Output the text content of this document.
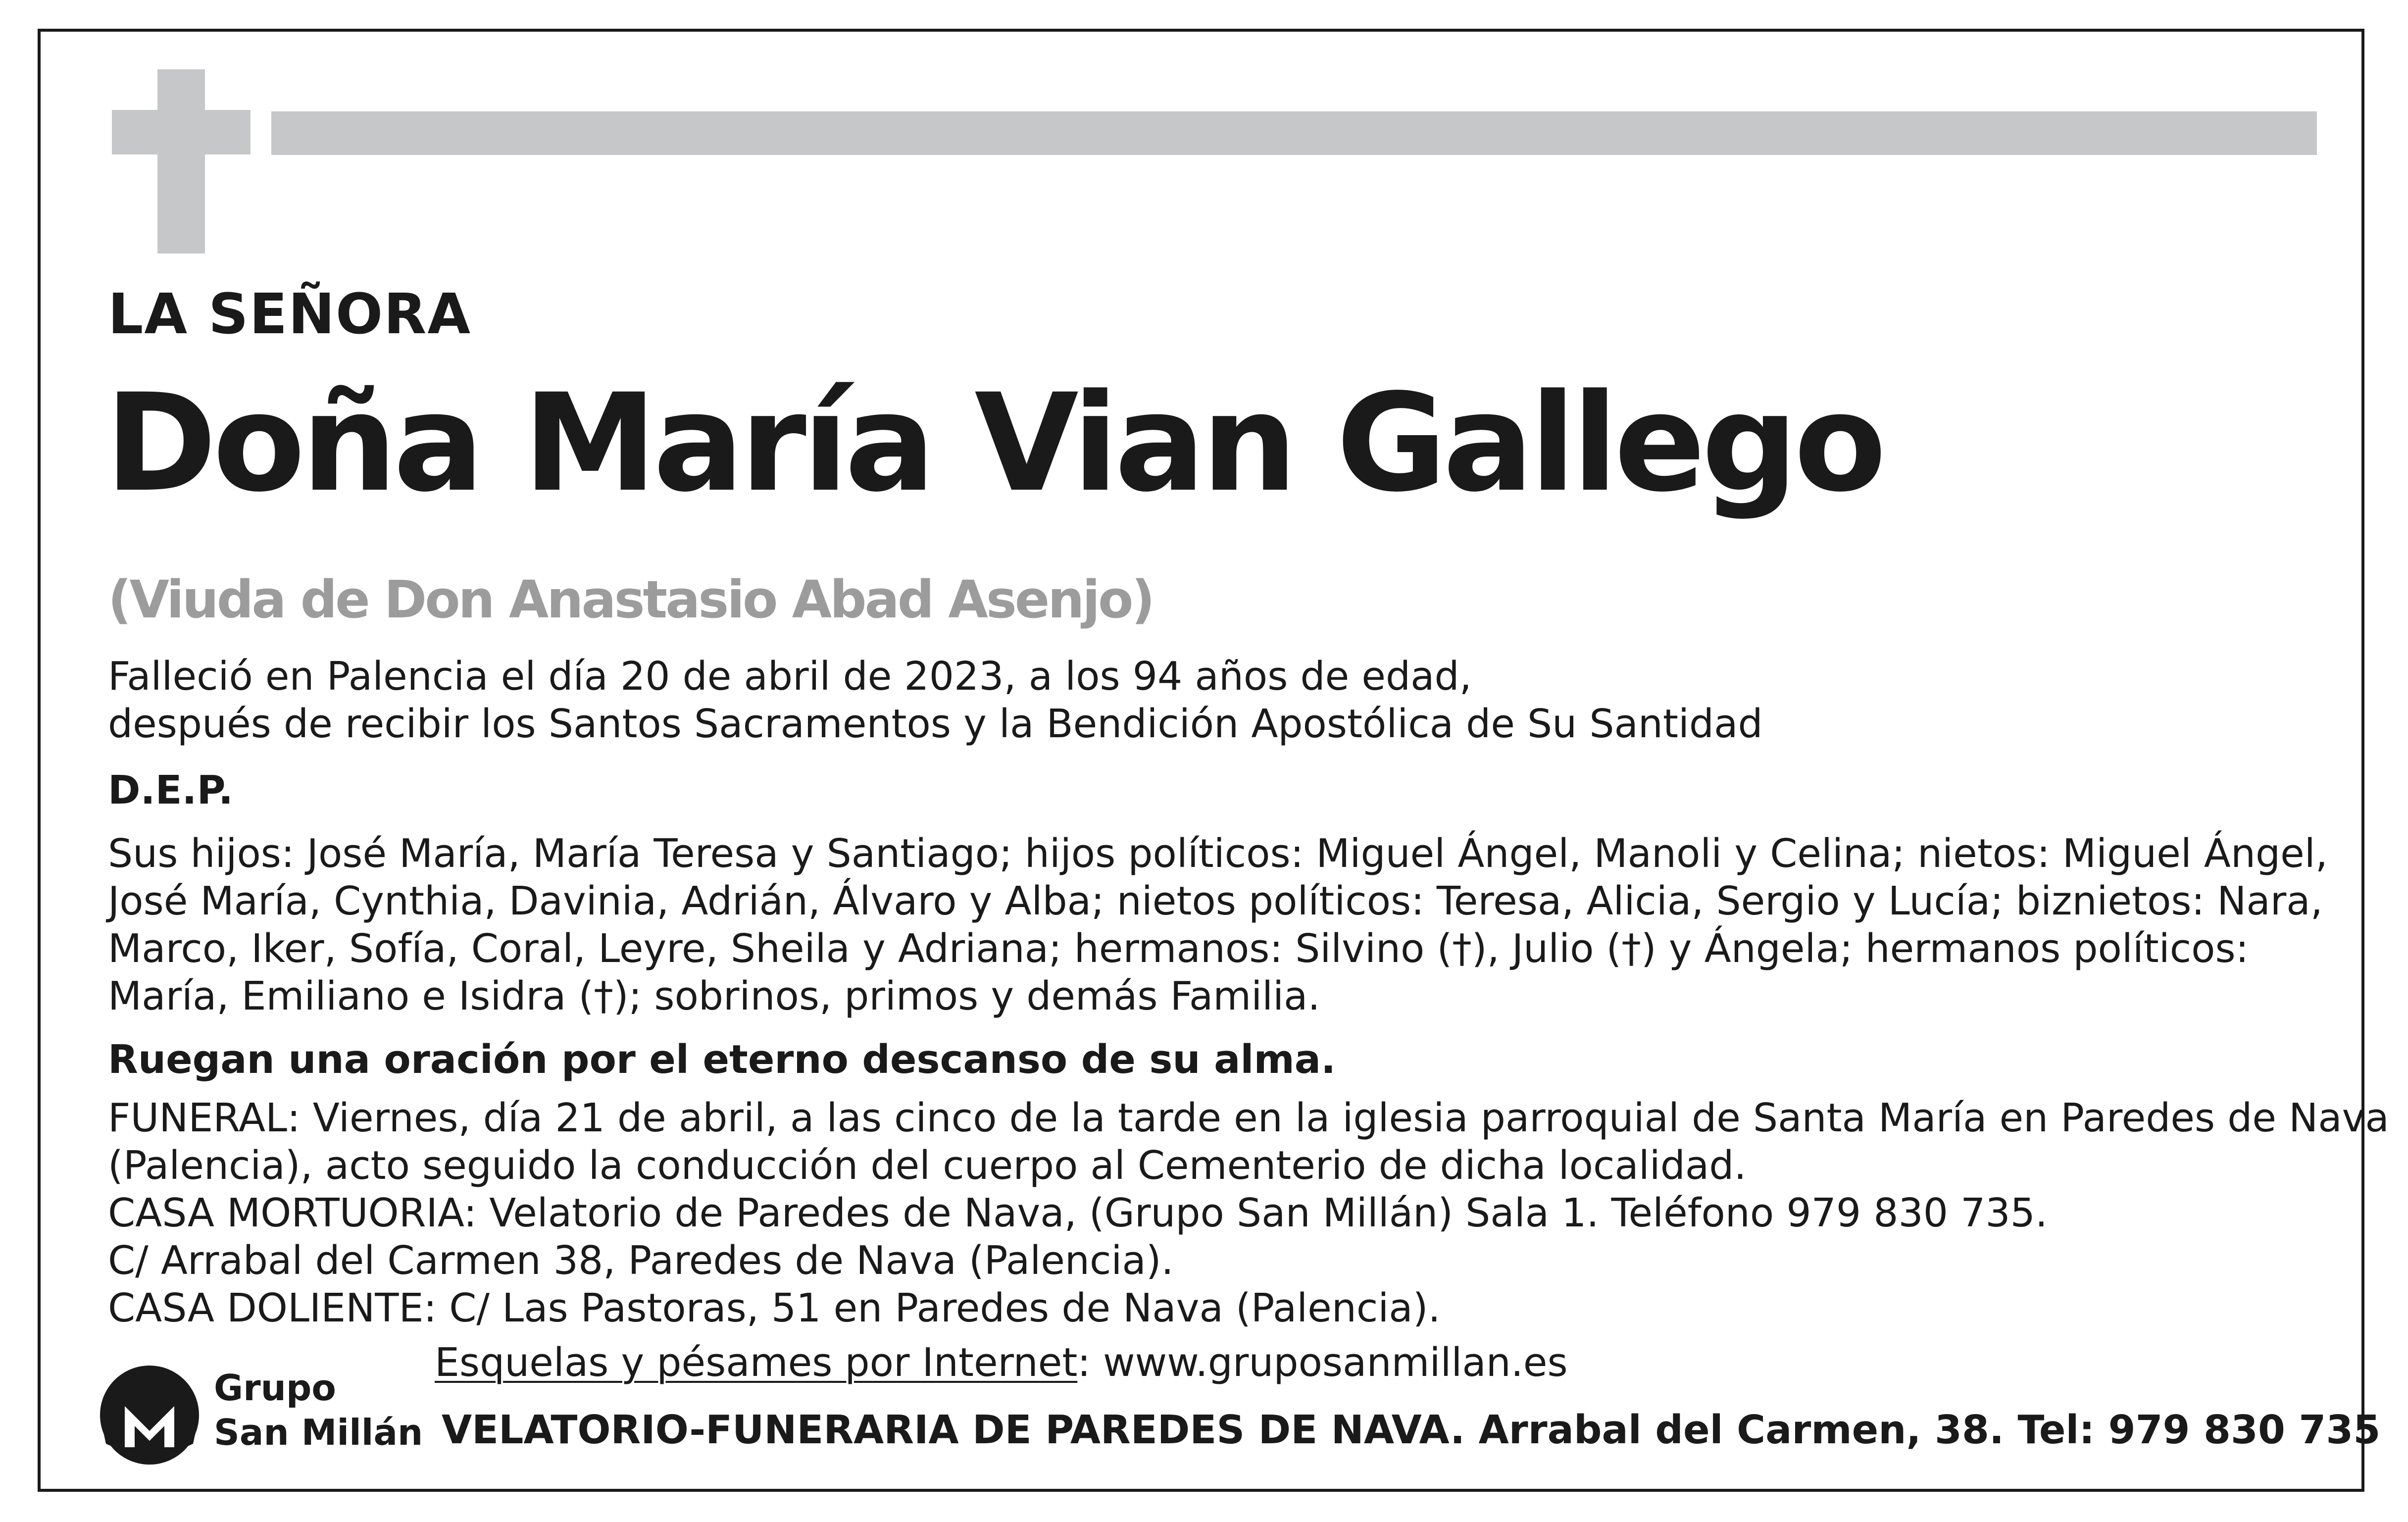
LA SEÑORA
Doña María Vian Gallego
(Viuda de Don Anastasio Abad Asenjo)
Falleció en Palencia el día 20 de abril de 2023, a los 94 años de edad,
después de recibir los Santos Sacramentos y la Bendición Apostólica de Su Santidad
D.E.P.
Sus hijos: José María, María Teresa y Santiago; hijos políticos: Miguel Ángel, Manoli y Celina; nietos: Miguel Ángel,
José María, Cynthia, Davinia, Adrián, Álvaro y Alba; nietos políticos: Teresa, Alicia, Sergio y Lucía; biznietos: Nara,
Marco, Iker, Sofía, Coral, Leyre, Sheila y Adriana; hermanos: Silvino (†), Julio (†) y Ángela; hermanos políticos:
María, Emiliano e Isidra (†); sobrinos, primos y demás Familia.
Ruegan una oración por el eterno descanso de su alma.
FUNERAL: Viernes, día 21 de abril, a las cinco de la tarde en la iglesia parroquial de Santa María en Paredes de Nava
(Palencia), acto seguido la conducción del cuerpo al Cementerio de dicha localidad.
CASA MORTUORIA: Velatorio de Paredes de Nava, (Grupo San Millán) Sala 1. Teléfono 979 830 735.
C/ Arrabal del Carmen 38, Paredes de Nava (Palencia).
CASA DOLIENTE: C/ Las Pastoras, 51 en Paredes de Nava (Palencia).
Esquelas y pésames por Internet: www.gruposanmillan.es
Grupo
San Millán VELATORIO-FUNERARIA DE PAREDES DE NAVA. Arrabal del Carmen, 38. Tel: 979 830 735
